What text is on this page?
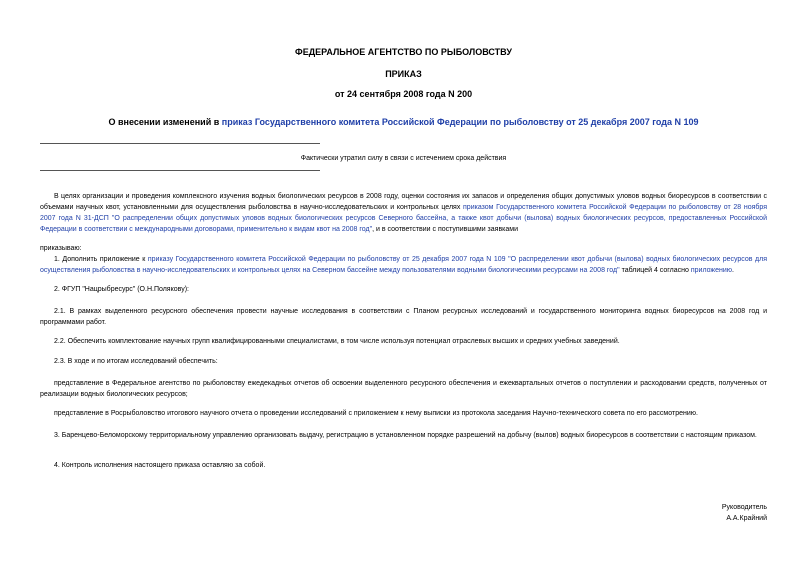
ФЕДЕРАЛЬНОЕ АГЕНТСТВО ПО РЫБОЛОВСТВУ
ПРИКАЗ
от 24 сентября 2008 года N 200
О внесении изменений в приказ Государственного комитета Российской Федерации по рыболовству от 25 декабря 2007 года N 109
Фактически утратил силу в связи с истечением срока действия
В целях организации и проведения комплексного изучения водных биологических ресурсов в 2008 году, оценки состояния их запасов и определения общих допустимых уловов водных биоресурсов в соответствии с объемами научных квот, установленными для осуществления рыболовства в научно-исследовательских и контрольных целях приказом Государственного комитета Российской Федерации по рыболовству от 28 ноября 2007 года N 31-ДСП "О распределении общих допустимых уловов водных биологических ресурсов Северного бассейна, а также квот добычи (вылова) водных биологических ресурсов, предоставленных Российской Федерации в соответствии с международными договорами, применительно к видам квот на 2008 год", и в соответствии с поступившими заявками
приказываю:
1. Дополнить приложение к приказу Государственного комитета Российской Федерации по рыболовству от 25 декабря 2007 года N 109 "О распределении квот добычи (вылова) водных биологических ресурсов для осуществления рыболовства в научно-исследовательских и контрольных целях на Северном бассейне между пользователями водными биологическими ресурсами на 2008 год" таблицей 4 согласно приложению.
2. ФГУП "Нацрыбресурс" (О.Н.Полякову):
2.1. В рамках выделенного ресурсного обеспечения провести научные исследования в соответствии с Планом ресурсных исследований и государственного мониторинга водных биоресурсов на 2008 год и программами работ.
2.2. Обеспечить комплектование научных групп квалифицированными специалистами, в том числе используя потенциал отраслевых высших и средних учебных заведений.
2.3. В ходе и по итогам исследований обеспечить:
представление в Федеральное агентство по рыболовству ежедекадных отчетов об освоении выделенного ресурсного обеспечения и ежеквартальных отчетов о поступлении и расходовании средств, полученных от реализации водных биологических ресурсов;
представление в Росрыболовство итогового научного отчета о проведении исследований с приложением к нему выписки из протокола заседания Научно-технического совета по его рассмотрению.
3. Баренцево-Беломорскому территориальному управлению организовать выдачу, регистрацию в установленном порядке разрешений на добычу (вылов) водных биоресурсов в соответствии с настоящим приказом.
4. Контроль исполнения настоящего приказа оставляю за собой.
Руководитель
А.А.Крайний
